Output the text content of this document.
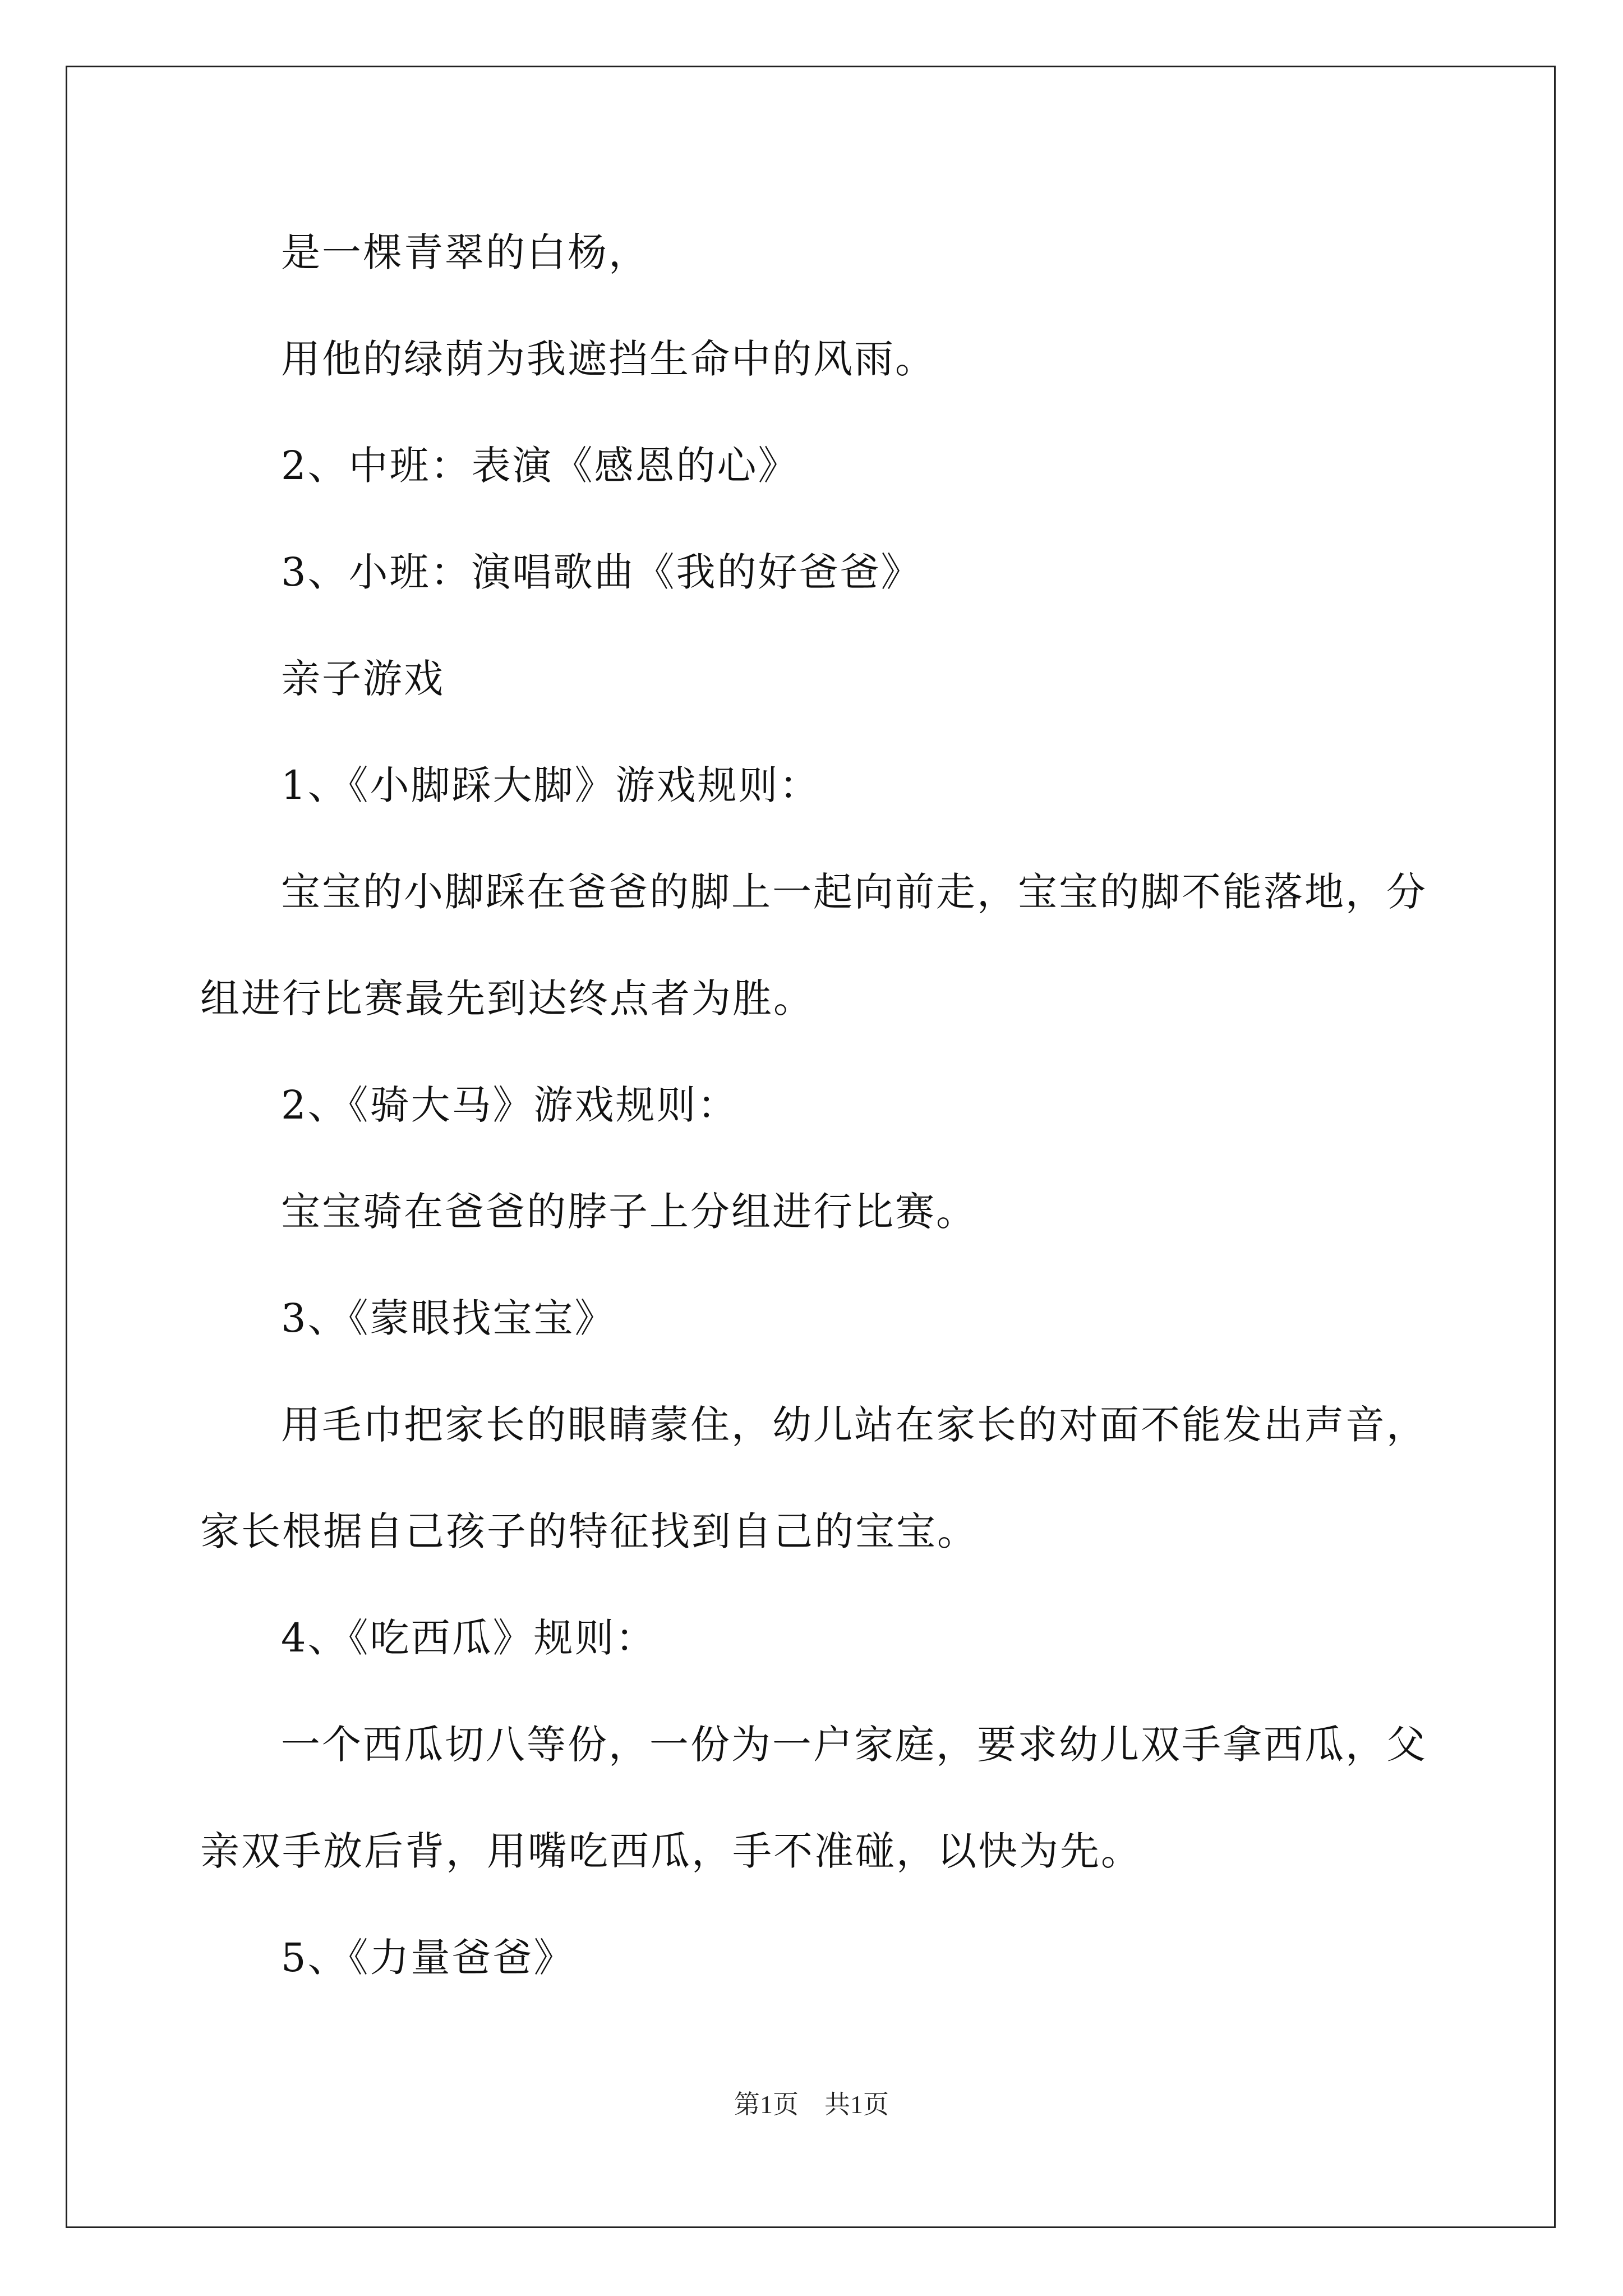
是一棵青翠的白杨，
用他的绿荫为我遮挡生命中的风雨。
2、中班：表演《感恩的心》
3、小班：演唱歌曲《我的好爸爸》
亲子游戏
1、《小脚踩大脚》游戏规则：
宝宝的小脚踩在爸爸的脚上一起向前走，宝宝的脚不能落地，分
组进行比赛最先到达终点者为胜。
2、《骑大马》游戏规则：
宝宝骑在爸爸的脖子上分组进行比赛。
3、《蒙眼找宝宝》
用毛巾把家长的眼睛蒙住，幼儿站在家长的对面不能发出声音，
家长根据自己孩子的特征找到自己的宝宝。
4、《吃西瓜》规则：
一个西瓜切八等份，一份为一户家庭，要求幼儿双手拿西瓜，父
亲双手放后背，用嘴吃西瓜，手不准碰，以快为先。
5、《力量爸爸》
第1页　共1页
